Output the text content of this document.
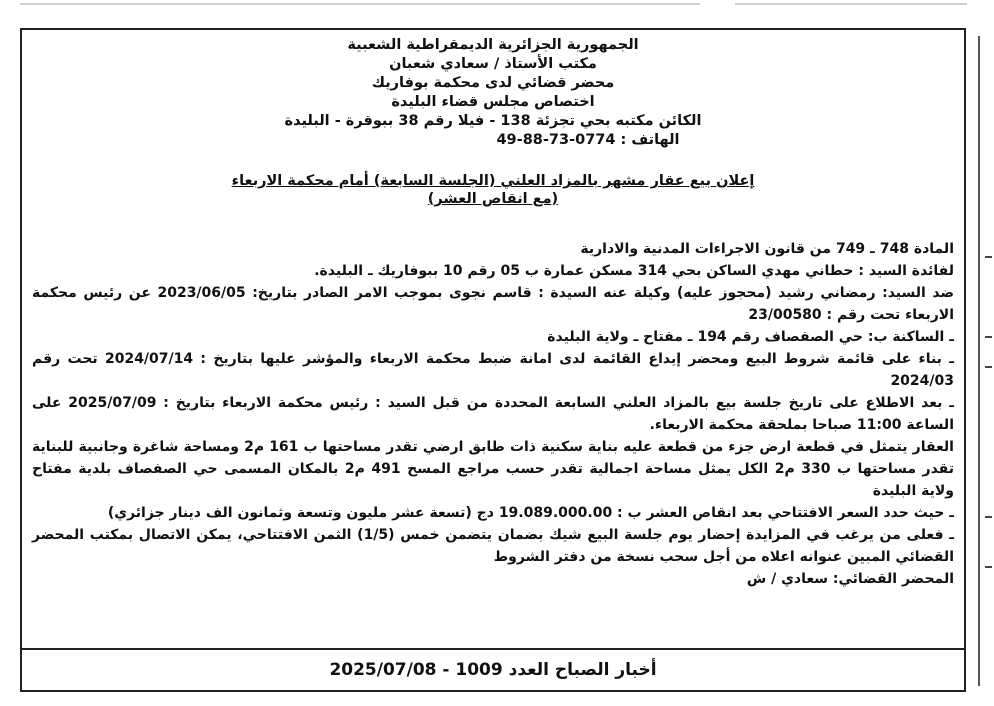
الجمهورية الجزائرية الديمقراطية الشعبية
مكتب الأستاذ / سعادي شعبان
محضر قضائي لدى محكمة بوفاريك
اختصاص مجلس قضاء البليدة
الكائن مكتبه بحي تجزئة 138 - فيلا رقم 38 ببوقرة - البليدة
الهاتف : 0774-73-88-49
إعلان بيع عقار مشهر بالمزاد العلني (الجلسة السابعة) أمام محكمة الاربعاء
(مع انقاص العشر)

المادة 748 ـ 749 من قانون الاجراءات المدنية والادارية

لفائدة السيد : حطاني مهدي الساكن بحي 314 مسكن عمارة ب 05 رقم 10 ببوفاريك ـ البليدة.

ضد السيد: رمضاني رشيد (محجوز عليه) وكيلة عنه السيدة : قاسم نجوى بموجب الامر الصادر بتاريخ: 2023/06/05 عن رئيس محكمة الاربعاء تحت رقم : 23/00580

ـ الساكنة ب: حي الصفصاف رقم 194 ـ مفتاح ـ ولاية البليدة

ـ بناء على قائمة شروط البيع ومحضر إيداع القائمة لدى امانة ضبط محكمة الاربعاء والمؤشر عليها بتاريخ : 2024/07/14 تحت رقم 2024/03

ـ بعد الاطلاع على تاريخ جلسة بيع بالمزاد العلني السابعة المحددة من قبل السيد : رئيس محكمة الاربعاء بتاريخ : 2025/07/09 على الساعة 11:00 صباحا بملحقة محكمة الاربعاء.

العقار يتمثل في قطعة ارض جزء من قطعة عليه بناية سكنية ذات طابق ارضي تقدر مساحتها ب 161 م2 ومساحة شاغرة وجانبية للبناية تقدر مساحتها ب 330 م2 الكل يمثل مساحة اجمالية تقدر حسب مراجع المسح 491 م2 بالمكان المسمى حي الصفصاف بلدية مفتاح ولاية البليدة

ـ حيث حدد السعر الافتتاحي بعد انقاص العشر ب : 19.089.000.00 دج (تسعة عشر مليون وتسعة وثمانون الف دينار جزائري)

ـ فعلى من يرغب في المزايدة إحضار يوم جلسة البيع شيك بضمان يتضمن خمس (1/5) الثمن الافتتاحي، يمكن الاتصال بمكتب المحضر القضائي المبين عنوانه اعلاه من أجل سحب نسخة من دفتر الشروط

المحضر القضائي: سعادي / ش

أخبار الصباح العدد 1009 - 2025/07/08
